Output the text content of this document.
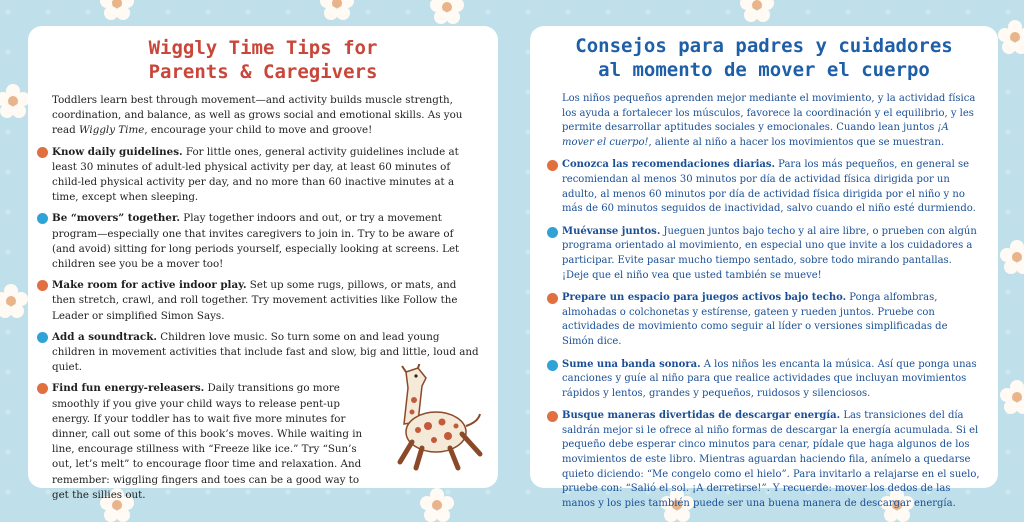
Wiggly Time Tips for
Parents & Caregivers

Toddlers learn best through movement—and activity builds muscle strength, coordination, and balance, as well as grows social and emotional skills. As you read Wiggly Time, encourage your child to move and groove!

Know daily guidelines. For little ones, general activity guidelines include at least 30 minutes of adult-led physical activity per day, at least 60 minutes of child-led physical activity per day, and no more than 60 inactive minutes at a time, except when sleeping.
Be “movers” together. Play together indoors and out, or try a movement program—especially one that invites caregivers to join in. Try to be aware of (and avoid) sitting for long periods yourself, especially looking at screens. Let children see you be a mover too!
Make room for active indoor play. Set up some rugs, pillows, or mats, and then stretch, crawl, and roll together. Try movement activities like Follow the Leader or simplified Simon Says.
Add a soundtrack. Children love music. So turn some on and lead young children in movement activities that include fast and slow, big and little, loud and quiet.
Find fun energy-releasers. Daily transitions go more smoothly if you give your child ways to release pent-up energy. If your toddler has to wait five more minutes for dinner, call out some of this book’s moves. While waiting in line, encourage stillness with “Freeze like ice.” Try “Sun’s out, let’s melt” to encourage floor time and relaxation. And remember: wiggling fingers and toes can be a good way to get the sillies out.
Consejos para padres y cuidadores
al momento de mover el cuerpo

Los niños pequeños aprenden mejor mediante el movimiento, y la actividad física los ayuda a fortalecer los músculos, favorece la coordinación y el equilibrio, y les permite desarrollar aptitudes sociales y emocionales. Cuando lean juntos ¡A mover el cuerpo!, aliente al niño a hacer los movimientos que se muestran.

Conozca las recomendaciones diarias. Para los más pequeños, en general se recomiendan al menos 30 minutos por día de actividad física dirigida por un adulto, al menos 60 minutos por día de actividad física dirigida por el niño y no más de 60 minutos seguidos de inactividad, salvo cuando el niño esté durmiendo.
Muévanse juntos. Jueguen juntos bajo techo y al aire libre, o prueben con algún programa orientado al movimiento, en especial uno que invite a los cuidadores a participar. Evite pasar mucho tiempo sentado, sobre todo mirando pantallas. ¡Deje que el niño vea que usted también se mueve!
Prepare un espacio para juegos activos bajo techo. Ponga alfombras, almohadas o colchonetas y estírense, gateen y rueden juntos. Pruebe con actividades de movimiento como seguir al líder o versiones simplificadas de Simón dice.
Sume una banda sonora. A los niños les encanta la música. Así que ponga unas canciones y guíe al niño para que realice actividades que incluyan movimientos rápidos y lentos, grandes y pequeños, ruidosos y silenciosos.
Busque maneras divertidas de descargar energía. Las transiciones del día saldrán mejor si le ofrece al niño formas de descargar la energía acumulada. Si el pequeño debe esperar cinco minutos para cenar, pídale que haga algunos de los movimientos de este libro. Mientras aguardan haciendo fila, anímelo a quedarse quieto diciendo: “Me congelo como el hielo”. Para invitarlo a relajarse en el suelo, pruebe con: “Salió el sol. ¡A derretirse!”. Y recuerde: mover los dedos de las manos y los pies también puede ser una buena manera de descargar energía.
